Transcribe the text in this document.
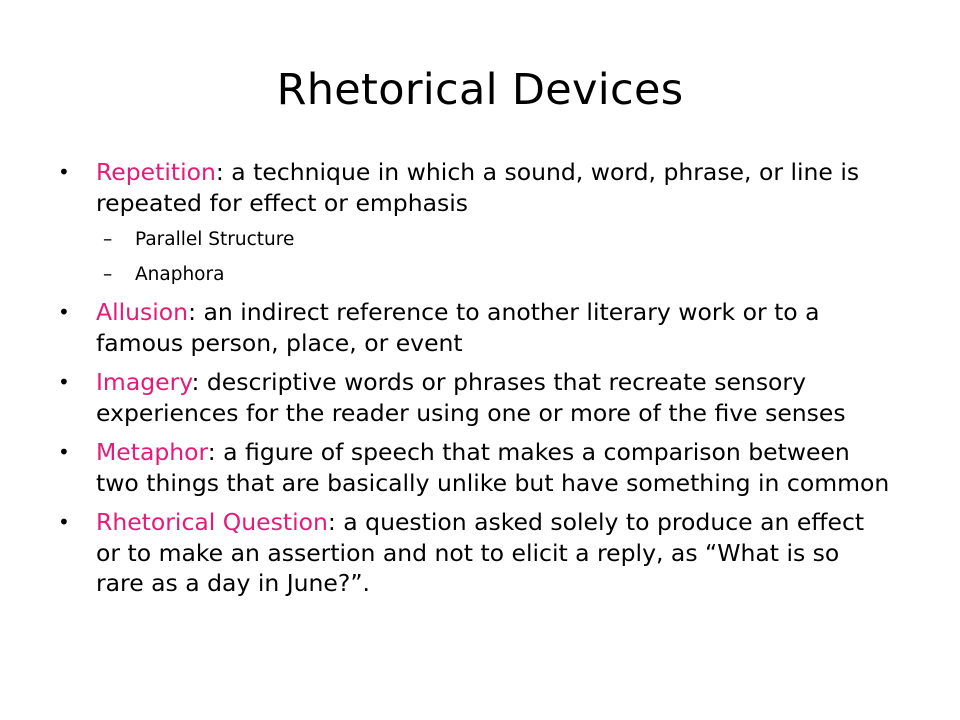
Rhetorical Devices

• Repetition: a technique in which a sound, word, phrase, or line is repeated for effect or emphasis

– Parallel Structure

– Anaphora

• Allusion: an indirect reference to another literary work or to a famous person, place, or event

• Imagery: descriptive words or phrases that recreate sensory experiences for the reader using one or more of the five senses

• Metaphor: a figure of speech that makes a comparison between two things that are basically unlike but have something in common

• Rhetorical Question: a question asked solely to produce an effect or to make an assertion and not to elicit a reply, as “What is so rare as a day in June?”.
